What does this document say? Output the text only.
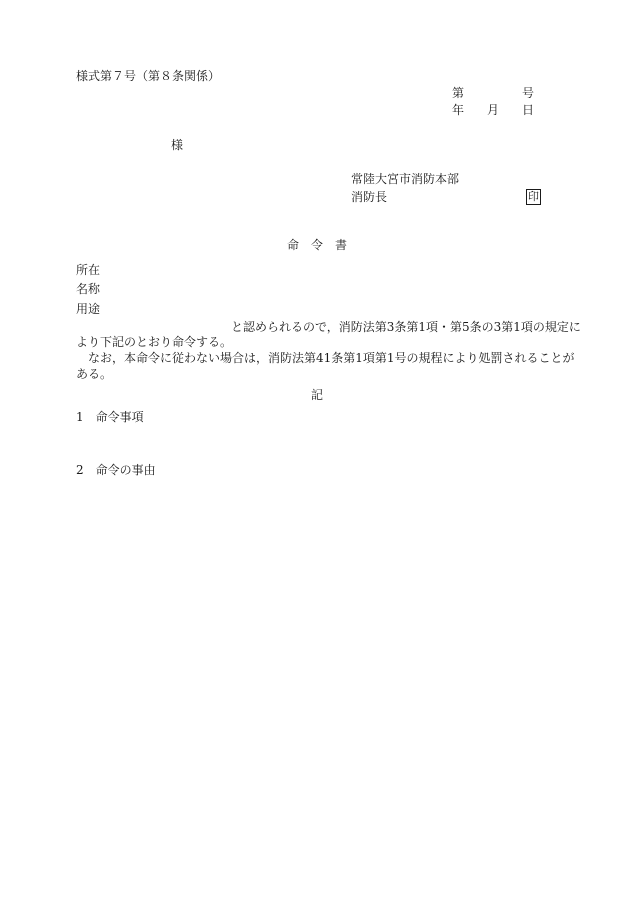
様式第７号（第８条関係）
第	号
年 月 日
様
常陸大宮市消防本部
消防長	印
命 令 書
所在
名称
用途
と認められるので，消防法第3条第1項・第5条の3第1項の規定に
より下記のとおり命令する。
　なお，本命令に従わない場合は，消防法第41条第1項第1号の規程により処罰されることが
ある。
記
1　命令事項
2　命令の事由
